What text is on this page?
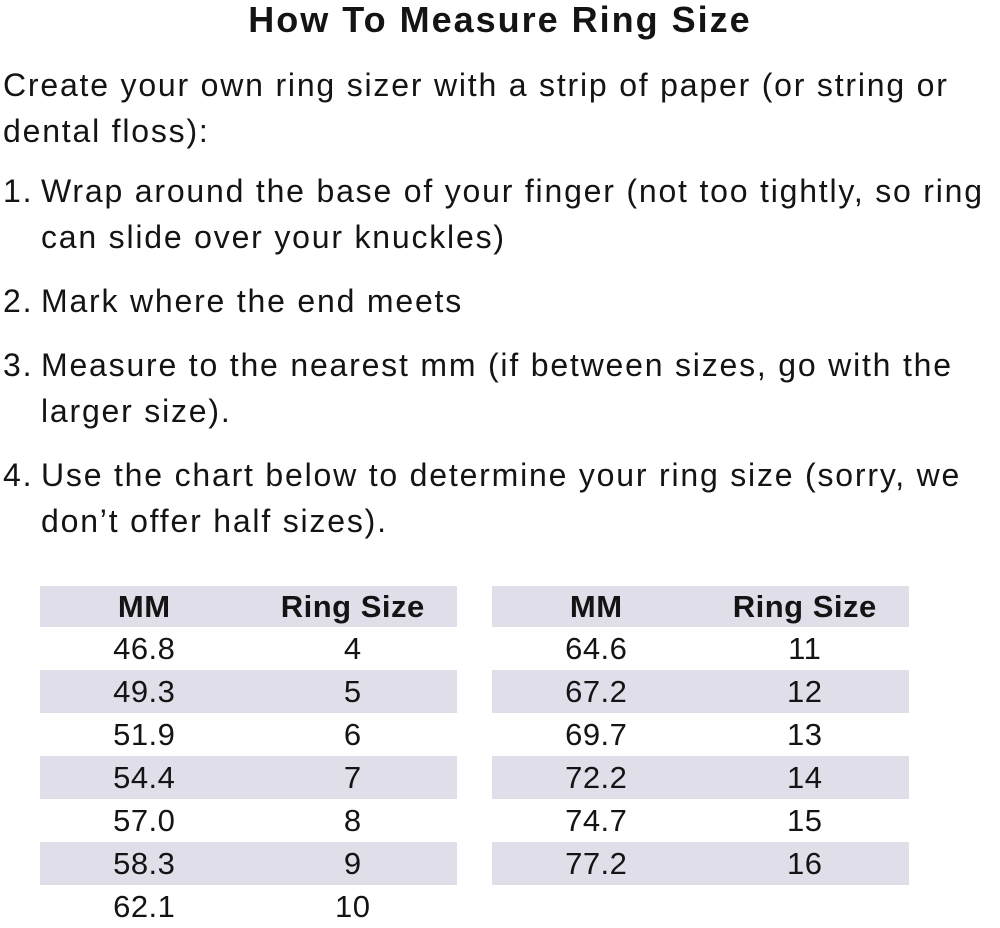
How To Measure Ring Size

Create your own ring sizer with a strip of paper (or string or dental floss):

1. Wrap around the base of your finger (not too tightly, so ring can slide over your knuckles)
2. Mark where the end meets
3. Measure to the nearest mm (if between sizes, go with the larger size).
4. Use the chart below to determine your ring size (sorry, we don’t offer half sizes).
MM	Ring Size
46.8	4
49.3	5
51.9	6
54.4	7
57.0	8
58.3	9
62.1	10
MM	Ring Size
64.6	11
67.2	12
69.7	13
72.2	14
74.7	15
77.2	16
